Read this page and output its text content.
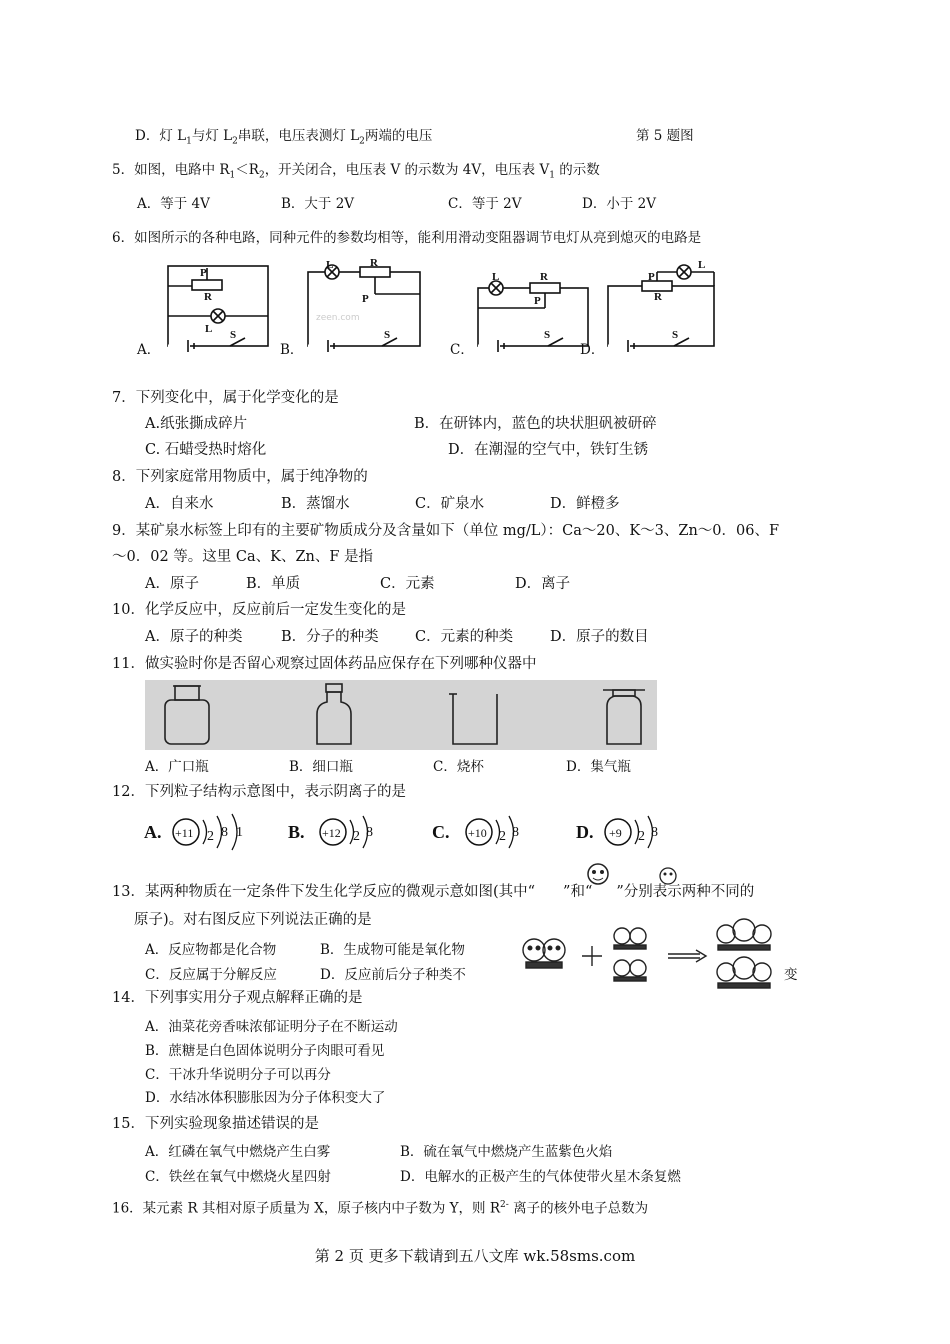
D．灯 $L_1$与灯 $L_2$串联，电压表测灯 $L_2$两端的电压	第 5 题图
5．如图，电路中 $R_1<R_2$，开关闭合，电压表 V 的示数为 4V，电压表 $V_1$ 的示数
A．等于 4V	B．大于 2V	C．等于 2V	D．小于 2V
6．如图所示的各种电路，同种元件的参数均相等，能利用滑动变阻器调节电灯从亮到熄灭的电路是
P
R
L S
L	R
P
S
L	R
P
S
P
R
L
S
zeen.com
A．	B．	C．	D．
7．下列变化中，属于化学变化的是
A.纸张撕成碎片	B．在研钵内，蓝色的块状胆矾被研碎
C. 石蜡受热时熔化	D．在潮湿的空气中，铁钉生锈
8．下列家庭常用物质中，属于纯净物的
A．自来水	B．蒸馏水	C．矿泉水	D．鲜橙多
9．某矿泉水标签上印有的主要矿物质成分及含量如下（单位 mg/L）：Ca～20、K～3、Zn～0．06、F
～0．02 等。这里 Ca、K、Zn、F 是指
A．原子	B．单质	C．元素	D．离子
10．化学反应中，反应前后一定发生变化的是
A．原子的种类	B．分子的种类	C．元素的种类	D．原子的数目
11．做实验时你是否留心观察过固体药品应保存在下列哪种仪器中
A．广口瓶	B．细口瓶	C．烧杯	D．集气瓶
12．下列粒子结构示意图中，表示阴离子的是
A. +11 2 8 1	B. +12 2 8	C. +10 2 8	D. +9 2 8
13．某两种物质在一定条件下发生化学反应的微观示意如图(其中“ ”和“ ”分别表示两种不同的
原子)。对右图反应下列说法正确的是
A．反应物都是化合物	B．生成物可能是氧化物
C．反应属于分解反应	D．反应前后分子种类不	变
14．下列事实用分子观点解释正确的是
A．油菜花旁香味浓郁证明分子在不断运动
B．蔗糖是白色固体说明分子肉眼可看见
C．干冰升华说明分子可以再分
D．水结冰体积膨胀因为分子体积变大了
15．下列实验现象描述错误的是
A．红磷在氧气中燃烧产生白雾	B．硫在氧气中燃烧产生蓝紫色火焰
C．铁丝在氧气中燃烧火星四射	D．电解水的正极产生的气体使带火星木条复燃
16．某元素 R 其相对原子质量为 X，原子核内中子数为 Y，则 $R^{2-}$ 离子的核外电子总数为
第 2 页 更多下载请到五八文库 wk.58sms.com
